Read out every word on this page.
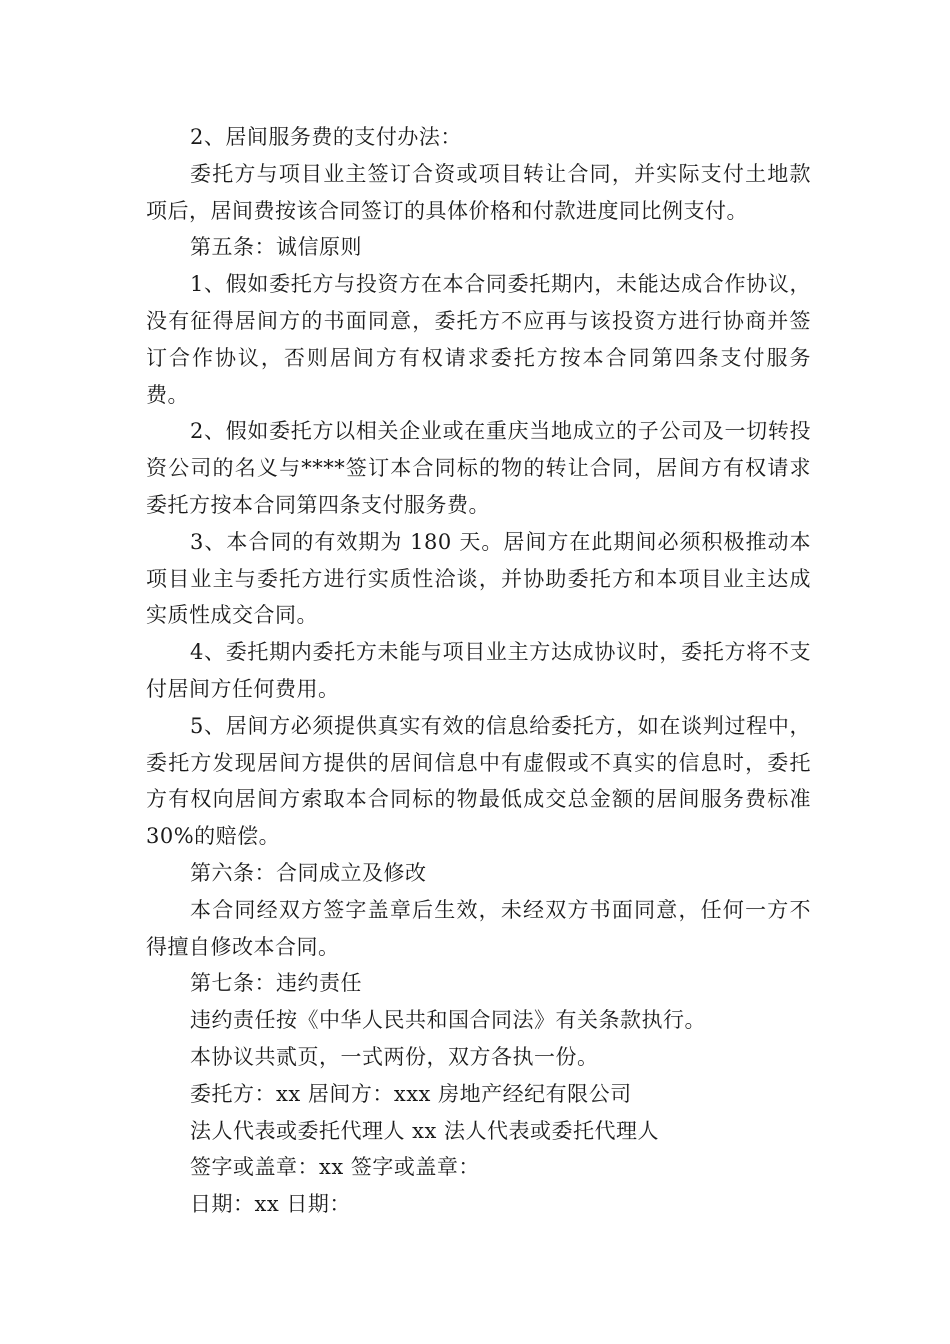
2、居间服务费的支付办法：

委托方与项目业主签订合资或项目转让合同，并实际支付土地款项后，居间费按该合同签订的具体价格和付款进度同比例支付。

第五条：诚信原则

1、假如委托方与投资方在本合同委托期内，未能达成合作协议，没有征得居间方的书面同意，委托方不应再与该投资方进行协商并签订合作协议，否则居间方有权请求委托方按本合同第四条支付服务费。

2、假如委托方以相关企业或在重庆当地成立的子公司及一切转投资公司的名义与****签订本合同标的物的转让合同，居间方有权请求委托方按本合同第四条支付服务费。

3、本合同的有效期为 180 天。居间方在此期间必须积极推动本项目业主与委托方进行实质性洽谈，并协助委托方和本项目业主达成实质性成交合同。

4、委托期内委托方未能与项目业主方达成协议时，委托方将不支付居间方任何费用。

5、居间方必须提供真实有效的信息给委托方，如在谈判过程中，委托方发现居间方提供的居间信息中有虚假或不真实的信息时，委托方有权向居间方索取本合同标的物最低成交总金额的居间服务费标准 30%的赔偿。

第六条：合同成立及修改

本合同经双方签字盖章后生效，未经双方书面同意，任何一方不得擅自修改本合同。

第七条：违约责任

违约责任按《中华人民共和国合同法》有关条款执行。

本协议共贰页，一式两份，双方各执一份。

委托方：xx 居间方：xxx 房地产经纪有限公司

法人代表或委托代理人 xx 法人代表或委托代理人

签字或盖章：xx 签字或盖章：

日期：xx 日期：
